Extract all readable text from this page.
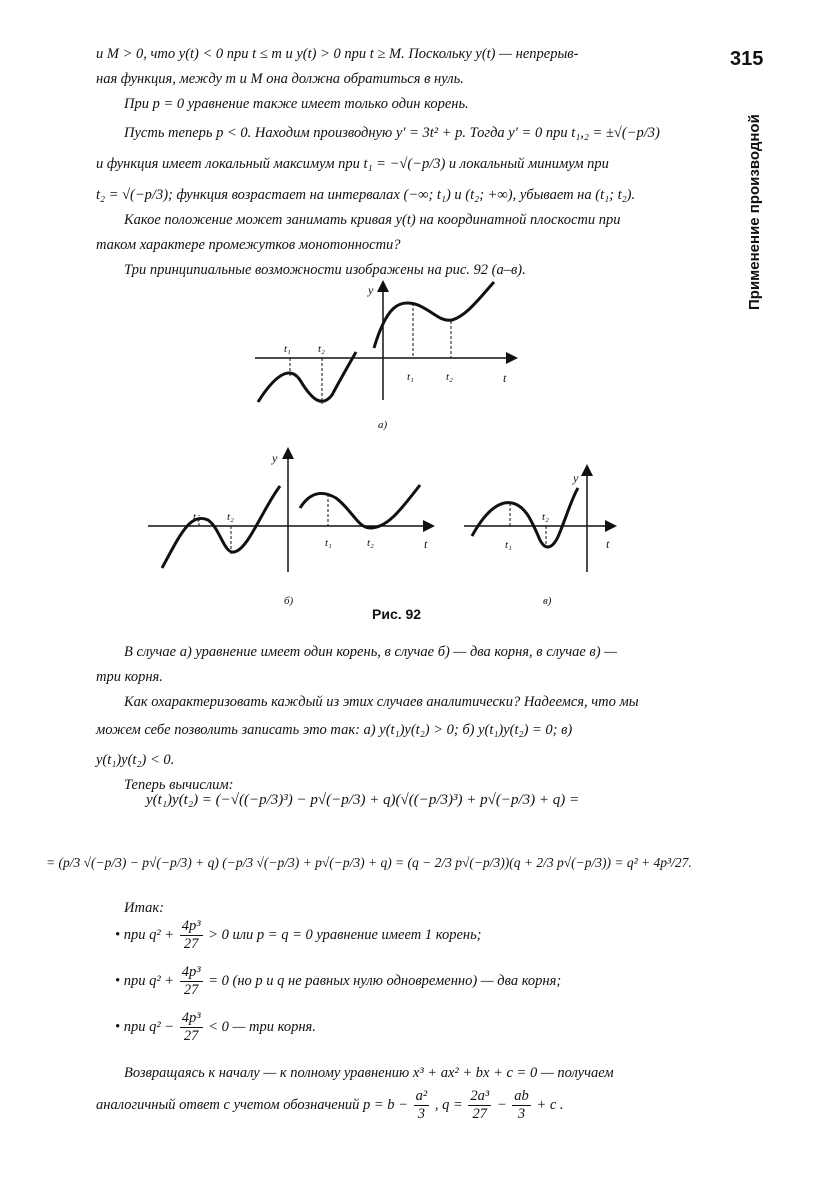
315
Применение производной

и M > 0, что y(t) < 0 при t ≤ m и y(t) > 0 при t ≥ M. Поскольку y(t) — непрерыв-

ная функция, между m и M она должна обратиться в нуль.

При p = 0 уравнение также имеет только один корень.

Пусть теперь p < 0. Находим производную y′ = 3t² + p. Тогда y′ = 0 при t₁,₂ = ±√(−p/3)

и функция имеет локальный максимум при t₁ = −√(−p/3) и локальный минимум при

t₂ = √(−p/3); функция возрастает на интервалах (−∞; t₁) и (t₂; +∞), убывает на (t₁; t₂).

Какое положение может занимать кривая y(t) на координатной плоскости при

таком характере промежутков монотонности?

Три принципиальные возможности изображены на рис. 92 (а–в).

y
t
t₁ t₂
t₁	t₂
а)
y
t
t₁ t₂
t₁	t₂
б)
y
t
t₁
t₂
в)
Рис. 92

В случае а) уравнение имеет один корень, в случае б) — два корня, в случае в) —

три корня.

Как охарактеризовать каждый из этих случаев аналитически? Надеемся, что мы

можем себе позволить записать это так: а) y(t₁)y(t₂) > 0; б) y(t₁)y(t₂) = 0; в)

y(t₁)y(t₂) < 0.

Теперь вычислим:

y(t₁)y(t₂) = (−√((−p/3)³) − p√(−p/3) + q)(√((−p/3)³) + p√(−p/3) + q) =
= (p/3 √(−p/3) − p√(−p/3) + q) (−p/3 √(−p/3) + p√(−p/3) + q) = (q − 2/3 p√(−p/3))(q + 2/3 p√(−p/3)) = q² + 4p³/27.

Итак:

• при $q^2 + \frac{\text{4p³}}{27} > 0$ или p = q = 0 уравнение имеет 1 корень;
• при $q^2 + \frac{\text{4p³}}{27} = 0$ (но p и q не равных нулю одновременно) — два корня;
• при $q^2 - \frac{\text{4p³}}{27} < 0$ — три корня.

Возвращаясь к началу — к полному уравнению x³ + ax² + bx + c = 0 — получаем

аналогичный ответ с учетом обозначений $p = b - \frac{\text{a²}}{3}$ , $q = \frac{\text{2a³}}{27} - \frac{ab}{3} + c$ .
